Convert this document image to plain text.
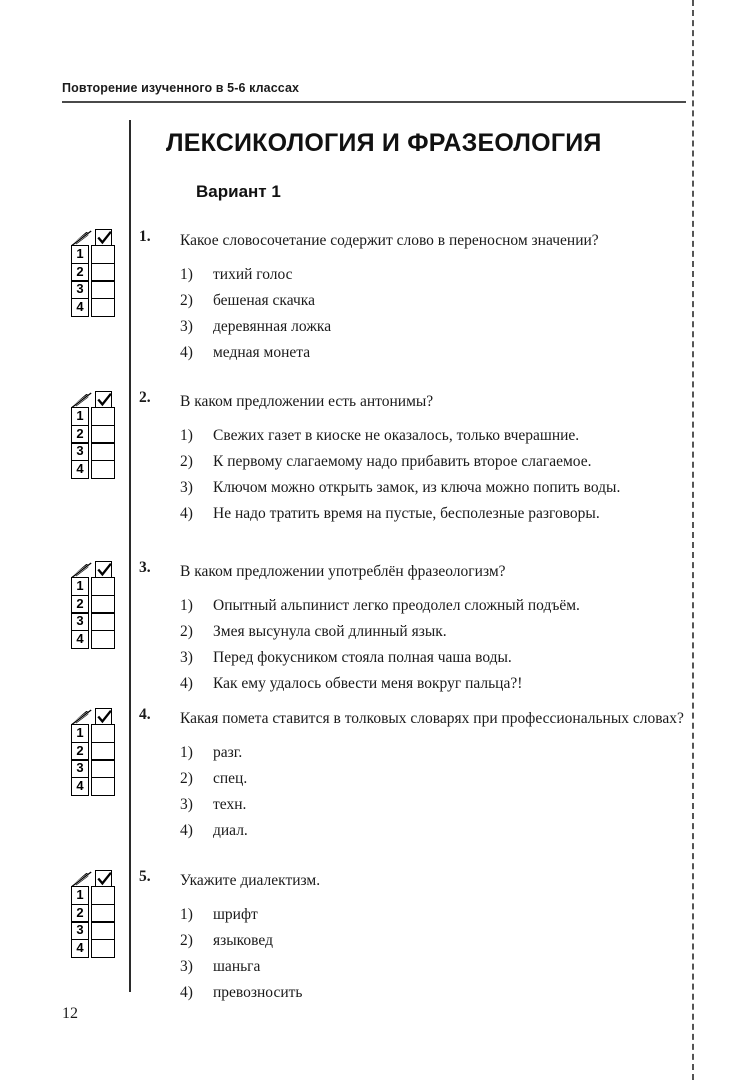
Повторение изученного в 5-6 классах
ЛЕКСИКОЛОГИЯ И ФРАЗЕОЛОГИЯ
Вариант 1
1
2
3
4
1
2
3
4
1
2
3
4
1
2
3
4
1
2
3
4
1.	Какое словосочетание содержит слово в переносном значении?
1) тихий голос
2) бешеная скачка
3) деревянная ложка
4) медная монета
2.	В каком предложении есть антонимы?
1) Свежих газет в киоске не оказалось, только вчерашние.
2) К первому слагаемому надо прибавить второе слагаемое.
3) Ключом можно открыть замок, из ключа можно попить воды.
4) Не надо тратить время на пустые, бесполезные разговоры.
3.	В каком предложении употреблён фразеологизм?
1) Опытный альпинист легко преодолел сложный подъём.
2) Змея высунула свой длинный язык.
3) Перед фокусником стояла полная чаша воды.
4) Как ему удалось обвести меня вокруг пальца?!
4.	Какая помета ставится в толковых словарях при профессиональных словах?
1) разг.
2) спец.
3) техн.
4) диал.
5.	Укажите диалектизм.
1) шрифт
2) языковед
3) шаньга
4) превозносить
12
